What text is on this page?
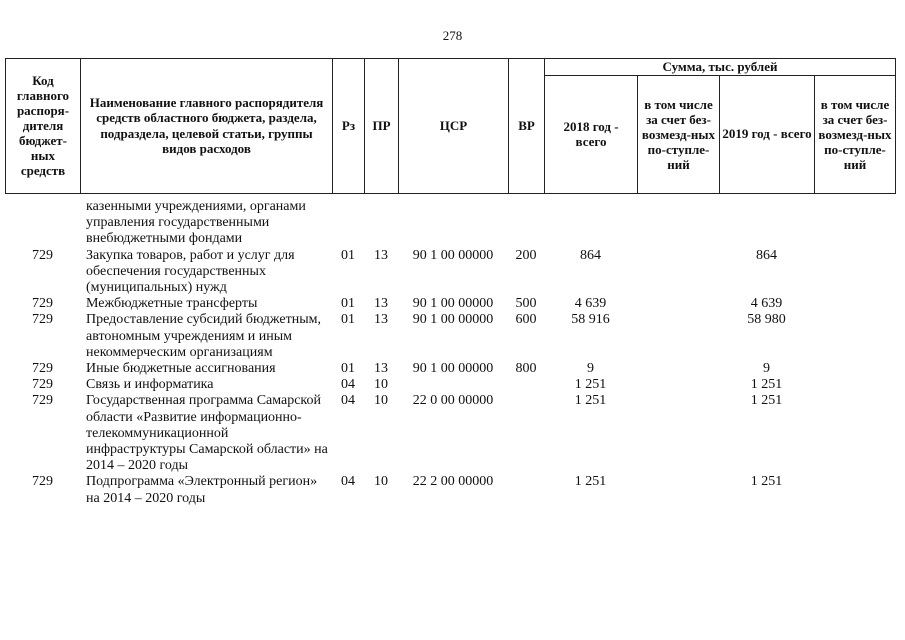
278
Код главного распоря-дителя бюджет-ных средств	Наименование главного распорядителя средств областного бюджета, раздела, подраздела, целевой статьи, группы видов расходов	Рз	ПР	ЦСР	ВР	Сумма, тыс. рублей			
						2018 год - всего	в том числе за счет без-возмезд-ных по-ступле-ний	2019 год - всего	в том числе за счет без-возмезд-ных по-ступле-ний
	казенными учреждениями, органами управления государственными внебюджетными фондами								
729	Закупка товаров, работ и услуг для обеспечения государственных (муниципальных) нужд	01	13	90 1 00 00000	200	864		864	
729	Межбюджетные трансферты	01	13	90 1 00 00000	500	4 639		4 639	
729	Предоставление субсидий бюджетным, автономным учреждениям и иным некоммерческим организациям	01	13	90 1 00 00000	600	58 916		58 980	
729	Иные бюджетные ассигнования	01	13	90 1 00 00000	800	9		9	
729	Связь и информатика	04	10			1 251		1 251	
729	Государственная программа Самарской области «Развитие информационно-телекоммуникационной инфраструктуры Самарской области» на 2014 – 2020 годы	04	10	22 0 00 00000		1 251		1 251	
729	Подпрограмма «Электронный регион» на 2014 – 2020 годы	04	10	22 2 00 00000		1 251		1 251	
